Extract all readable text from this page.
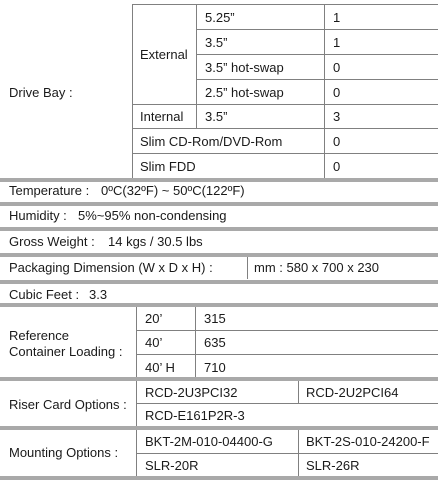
Drive Bay :
External
5.25”	1
3.5”	1
3.5” hot-swap	0
2.5” hot-swap	0
Internal 3.5”	3
Slim CD-Rom/DVD-Rom	0
Slim FDD	0
Temperature : 0ºC(32ºF) ~ 50ºC(122ºF)
Humidity : 5%~95% non-condensing
Gross Weight : 14 kgs / 30.5 lbs
Packaging Dimension (W x D x H) :	mm : 580 x 700 x 230
Cubic Feet : 3.3
Reference
Container Loading :
20’	315
40’	635
40’ H 710
Riser Card Options :
RCD-2U3PCI32	RCD-2U2PCI64
RCD-E161P2R-3
Mounting Options :
BKT-2M-010-04400-G	BKT-2S-010-24200-F
SLR-20R	SLR-26R
